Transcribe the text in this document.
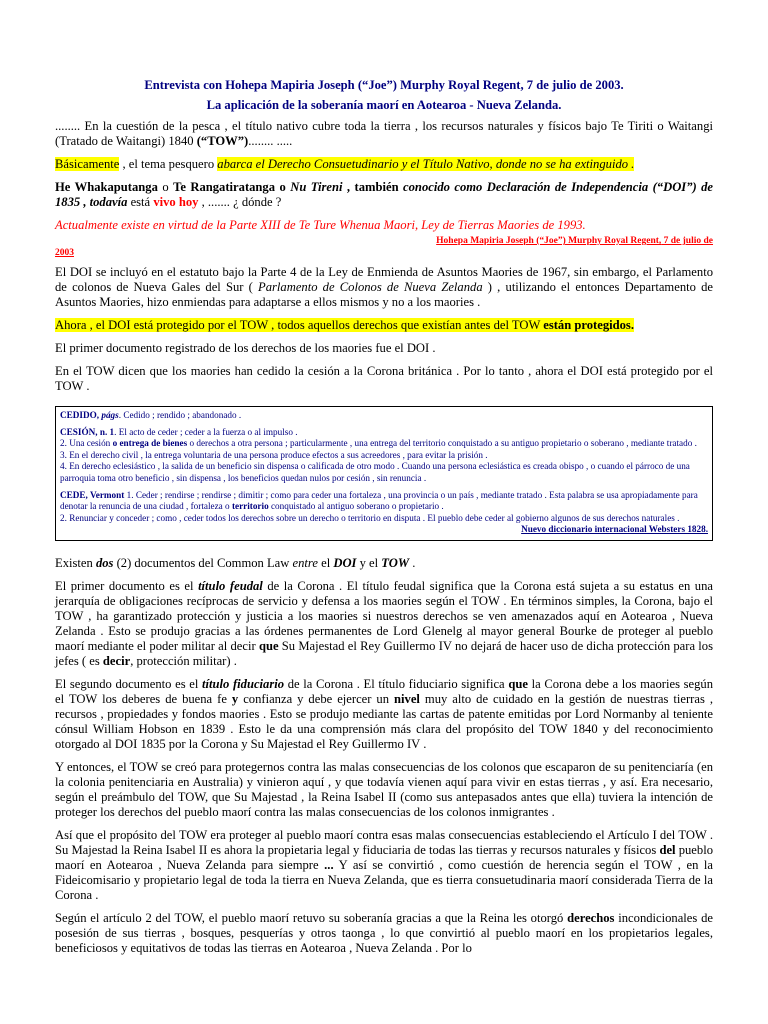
Entrevista con Hohepa Mapiria Joseph (“Joe”) Murphy Royal Regent, 7 de julio de 2003.

La aplicación de la soberanía maorí en Aotearoa - Nueva Zelanda.

........ En la cuestión de la pesca , el título nativo cubre toda la tierra , los recursos naturales y físicos bajo Te Tiriti o Waitangi (Tratado de Waitangi) 1840 (“TOW”)........ .....

Básicamente , el tema pesquero abarca el Derecho Consuetudinario y el Título Nativo, donde no se ha extinguido .

He Whakaputanga o Te Rangatiratanga o Nu Tireni , también conocido como Declaración de Independencia (“DOI”) de 1835 , todavía está vivo hoy , ....... ¿ dónde ?

Actualmente existe en virtud de la Parte XIII de Te Ture Whenua Maori, Ley de Tierras Maories de 1993.
Hohepa Mapiria Joseph (“Joe”) Murphy Royal Regent, 7 de julio de
2003

El DOI se incluyó en el estatuto bajo la Parte 4 de la Ley de Enmienda de Asuntos Maories de 1967, sin embargo, el Parlamento de colonos de Nueva Gales del Sur ( Parlamento de Colonos de Nueva Zelanda ) , utilizando el entonces Departamento de Asuntos Maories, hizo enmiendas para adaptarse a ellos mismos y no a los maories .

Ahora , el DOI está protegido por el TOW , todos aquellos derechos que existían antes del TOW están protegidos.

El primer documento registrado de los derechos de los maories fue el DOI .

En el TOW dicen que los maories han cedido la cesión a la Corona británica . Por lo tanto , ahora el DOI está protegido por el TOW .

CEDIDO, págs. Cedido ; rendido ; abandonado .
CESIÓN, n. 1. El acto de ceder ; ceder a la fuerza o al impulso .
2. Una cesión o entrega de bienes o derechos a otra persona ; particularmente , una entrega del territorio conquistado a su antiguo propietario o soberano , mediante tratado .
3. En el derecho civil , la entrega voluntaria de una persona produce efectos a sus acreedores , para evitar la prisión .
4. En derecho eclesiástico , la salida de un beneficio sin dispensa o calificada de otro modo . Cuando una persona eclesiástica es creada obispo , o cuando el párroco de una parroquia toma otro beneficio , sin dispensa , los beneficios quedan nulos por cesión , sin renuncia .
CEDE, Vermont 1. Ceder ; rendirse ; rendirse ; dimitir ; como para ceder una fortaleza , una provincia o un país , mediante tratado . Esta palabra se usa apropiadamente para denotar la renuncia de una ciudad , fortaleza o territorio conquistado al antiguo soberano o propietario .
2. Renunciar y conceder ; como , ceder todos los derechos sobre un derecho o territorio en disputa . El pueblo debe ceder al gobierno algunos de sus derechos naturales .
Nuevo diccionario internacional Websters 1828.

Existen dos (2) documentos del Common Law entre el DOI y el TOW .

El primer documento es el título feudal de la Corona . El título feudal significa que la Corona está sujeta a su estatus en una jerarquía de obligaciones recíprocas de servicio y defensa a los maories según el TOW . En términos simples, la Corona, bajo el TOW , ha garantizado protección y justicia a los maories si nuestros derechos se ven amenazados aquí en Aotearoa , Nueva Zelanda . Esto se produjo gracias a las órdenes permanentes de Lord Glenelg al mayor general Bourke de proteger al pueblo maorí mediante el poder militar al decir que Su Majestad el Rey Guillermo IV no dejará de hacer uso de dicha protección para los jefes ( es decir, protección militar) .

El segundo documento es el título fiduciario de la Corona . El título fiduciario significa que la Corona debe a los maories según el TOW los deberes de buena fe y confianza y debe ejercer un nivel muy alto de cuidado en la gestión de nuestras tierras , recursos , propiedades y fondos maories . Esto se produjo mediante las cartas de patente emitidas por Lord Normanby al teniente cónsul William Hobson en 1839 . Esto le da una comprensión más clara del propósito del TOW 1840 y del reconocimiento otorgado al DOI 1835 por la Corona y Su Majestad el Rey Guillermo IV .

Y entonces, el TOW se creó para protegernos contra las malas consecuencias de los colonos que escaparon de su penitenciaría (en la colonia penitenciaria en Australia) y vinieron aquí , y que todavía vienen aquí para vivir en estas tierras , y así. Era necesario, según el preámbulo del TOW, que Su Majestad , la Reina Isabel II (como sus antepasados antes que ella) tuviera la intención de proteger los derechos del pueblo maorí contra las malas consecuencias de los colonos inmigrantes .

Así que el propósito del TOW era proteger al pueblo maorí contra esas malas consecuencias estableciendo el Artículo I del TOW . Su Majestad la Reina Isabel II es ahora la propietaria legal y fiduciaria de todas las tierras y recursos naturales y físicos del pueblo maorí en Aotearoa , Nueva Zelanda para siempre ... Y así se convirtió , como cuestión de herencia según el TOW , en la Fideicomisario y propietario legal de toda la tierra en Nueva Zelanda, que es tierra consuetudinaria maorí considerada Tierra de la Corona .

Según el artículo 2 del TOW, el pueblo maorí retuvo su soberanía gracias a que la Reina les otorgó derechos incondicionales de posesión de sus tierras , bosques, pesquerías y otros taonga , lo que convirtió al pueblo maorí en los propietarios legales, beneficiosos y equitativos de todas las tierras en Aotearoa , Nueva Zelanda . Por lo
